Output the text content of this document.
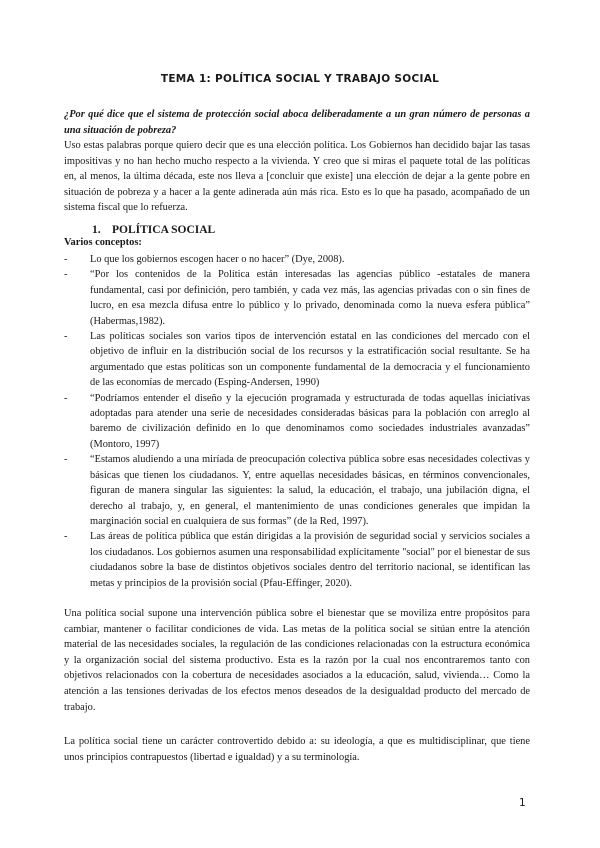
TEMA 1: POLÍTICA SOCIAL Y TRABAJO SOCIAL

¿Por qué dice que el sistema de protección social aboca deliberadamente a un gran número de personas a una situación de pobreza?

Uso estas palabras porque quiero decir que es una elección política. Los Gobiernos han decidido bajar las tasas impositivas y no han hecho mucho respecto a la vivienda. Y creo que si miras el paquete total de las políticas en, al menos, la última década, este nos lleva a [concluir que existe] una elección de dejar a la gente pobre en situación de pobreza y a hacer a la gente adinerada aún más rica. Esto es lo que ha pasado, acompañado de un sistema fiscal que lo refuerza.

1. POLÍTICA SOCIAL

Varios conceptos:

-	Lo que los gobiernos escogen hacer o no hacer” (Dye, 2008).
-	“Por los contenidos de la Política están interesadas las agencias público -estatales de manera fundamental, casi por definición, pero también, y cada vez más, las agencias privadas con o sin fines de lucro, en esa mezcla difusa entre lo público y lo privado, denominada como la nueva esfera pública” (Habermas,1982).
-	Las políticas sociales son varios tipos de intervención estatal en las condiciones del mercado con el objetivo de influir en la distribución social de los recursos y la estratificación social resultante. Se ha argumentado que estas políticas son un componente fundamental de la democracia y el funcionamiento de las economías de mercado (Esping-Andersen, 1990)
-	“Podríamos entender el diseño y la ejecución programada y estructurada de todas aquellas iniciativas adoptadas para atender una serie de necesidades consideradas básicas para la población con arreglo al baremo de civilización definido en lo que denominamos como sociedades industriales avanzadas” (Montoro, 1997)
-	“Estamos aludiendo a una miríada de preocupación colectiva pública sobre esas necesidades colectivas y básicas que tienen los ciudadanos. Y, entre aquellas necesidades básicas, en términos convencionales, figuran de manera singular las siguientes: la salud, la educación, el trabajo, una jubilación digna, el derecho al trabajo, y, en general, el mantenimiento de unas condiciones generales que impidan la marginación social en cualquiera de sus formas” (de la Red, 1997).
-	Las áreas de política pública que están dirigidas a la provisión de seguridad social y servicios sociales a los ciudadanos. Los gobiernos asumen una responsabilidad explícitamente "social" por el bienestar de sus ciudadanos sobre la base de distintos objetivos sociales dentro del territorio nacional, se identifican las metas y principios de la provisión social (Pfau-Effinger, 2020).

Una política social supone una intervención pública sobre el bienestar que se moviliza entre propósitos para cambiar, mantener o facilitar condiciones de vida. Las metas de la política social se sitúan entre la atención material de las necesidades sociales, la regulación de las condiciones relacionadas con la estructura económica y la organización social del sistema productivo. Esta es la razón por la cual nos encontraremos tanto con objetivos relacionados con la cobertura de necesidades asociados a la educación, salud, vivienda… Como la atención a las tensiones derivadas de los efectos menos deseados de la desigualdad producto del mercado de trabajo.

La política social tiene un carácter controvertido debido a: su ideología, a que es multidisciplinar, que tiene unos principios contrapuestos (libertad e igualdad) y a su terminología.

1
